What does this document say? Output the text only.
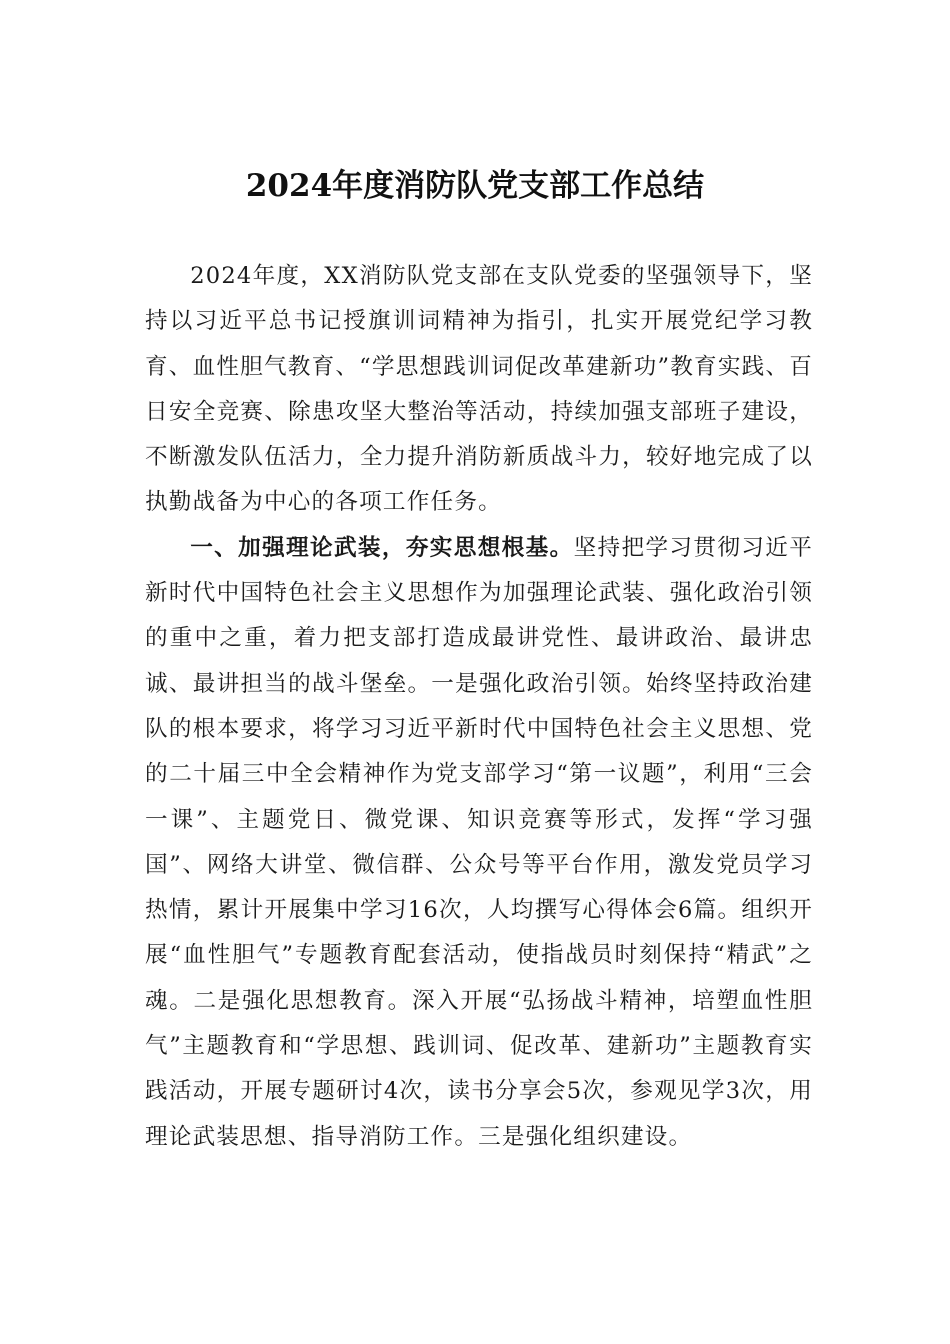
2024年度消防队党支部工作总结

2024年度，XX消防队党支部在支队党委的坚强领导下，坚持以习近平总书记授旗训词精神为指引，扎实开展党纪学习教育、血性胆气教育、“学思想践训词促改革建新功”教育实践、百日安全竞赛、除患攻坚大整治等活动，持续加强支部班子建设，不断激发队伍活力，全力提升消防新质战斗力，较好地完成了以执勤战备为中心的各项工作任务。

一、加强理论武装，夯实思想根基。坚持把学习贯彻习近平新时代中国特色社会主义思想作为加强理论武装、强化政治引领的重中之重，着力把支部打造成最讲党性、最讲政治、最讲忠诚、最讲担当的战斗堡垒。一是强化政治引领。始终坚持政治建队的根本要求，将学习习近平新时代中国特色社会主义思想、党的二十届三中全会精神作为党支部学习“第一议题”，利用“三会一课”、主题党日、微党课、知识竞赛等形式，发挥“学习强国”、网络大讲堂、微信群、公众号等平台作用，激发党员学习热情，累计开展集中学习16次，人均撰写心得体会6篇。组织开展“血性胆气”专题教育配套活动，使指战员时刻保持“精武”之魂。二是强化思想教育。深入开展“弘扬战斗精神，培塑血性胆气”主题教育和“学思想、践训词、促改革、建新功”主题教育实践活动，开展专题研讨4次，读书分享会5次，参观见学3次，用理论武装思想、指导消防工作。三是强化组织建设。
